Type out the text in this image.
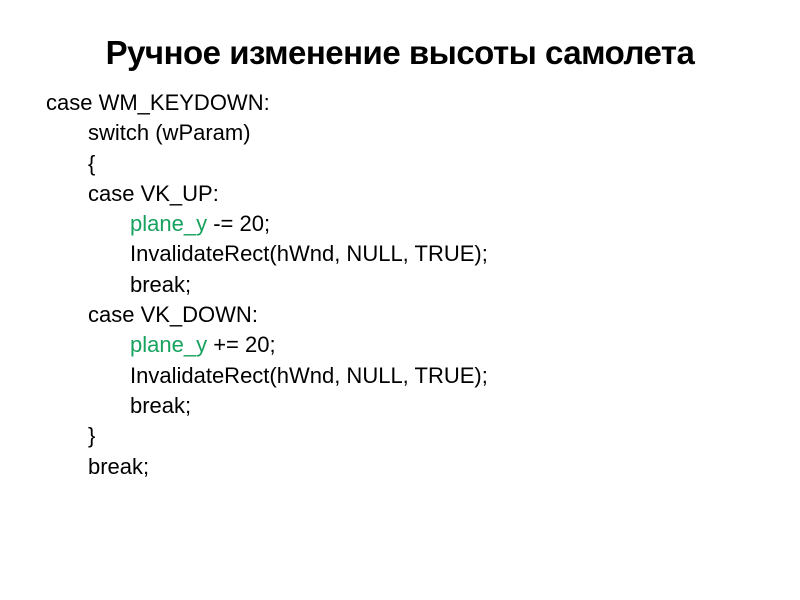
Ручное изменение высоты самолета
case WM_KEYDOWN:
switch (wParam)
{
case VK_UP:
plane_y -= 20;
InvalidateRect(hWnd, NULL, TRUE);
break;
case VK_DOWN:
plane_y += 20;
InvalidateRect(hWnd, NULL, TRUE);
break;
}
break;
